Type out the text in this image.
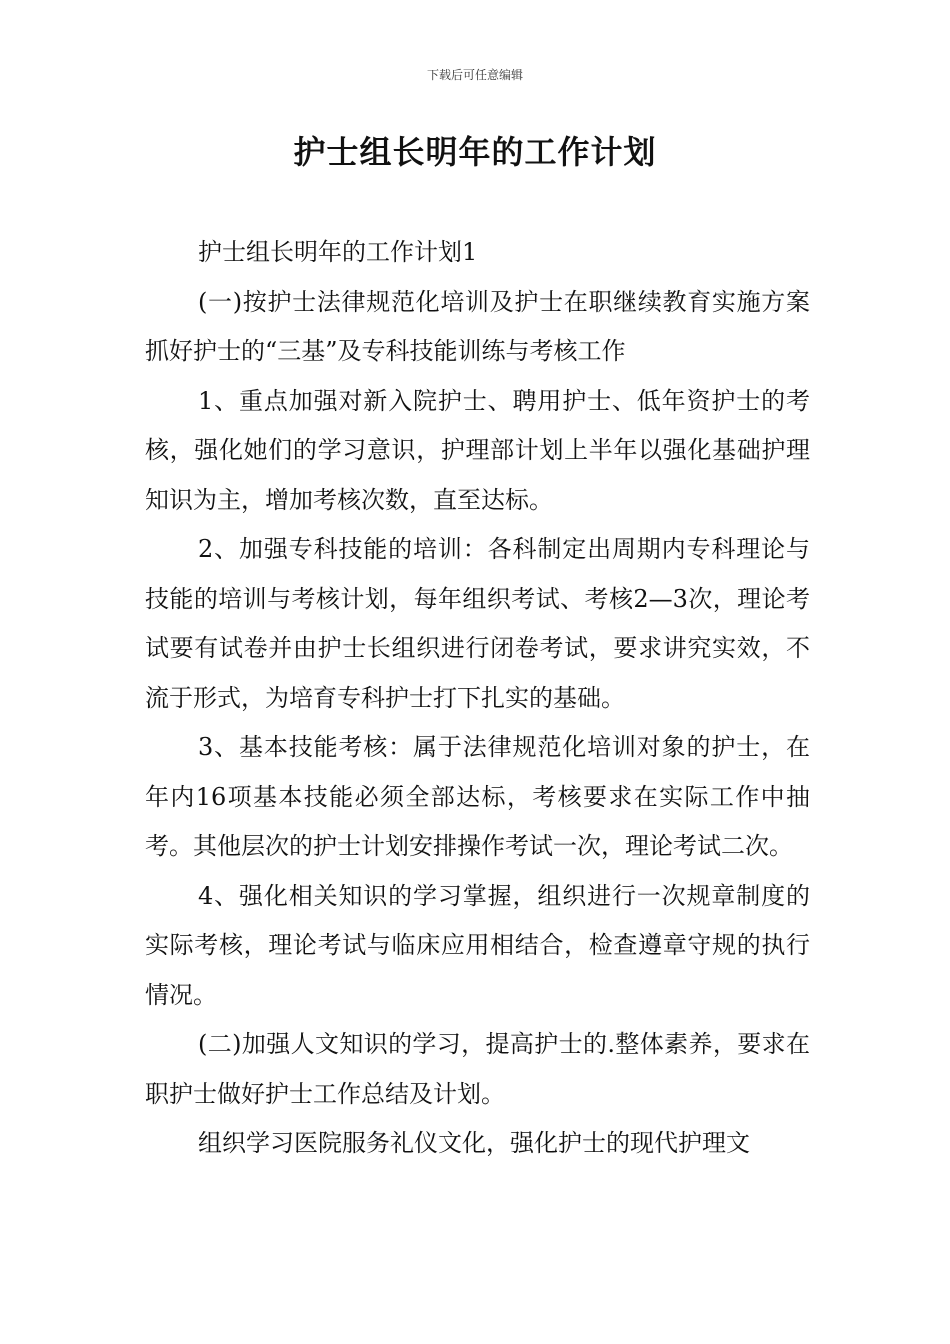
下载后可任意编辑
护士组长明年的工作计划

护士组长明年的工作计划1

(一)按护士法律规范化培训及护士在职继续教育实施方案抓好护士的“三基”及专科技能训练与考核工作

1、重点加强对新入院护士、聘用护士、低年资护士的考核，强化她们的学习意识，护理部计划上半年以强化基础护理知识为主，增加考核次数，直至达标。

2、加强专科技能的培训：各科制定出周期内专科理论与技能的培训与考核计划，每年组织考试、考核2—3次，理论考试要有试卷并由护士长组织进行闭卷考试，要求讲究实效，不流于形式，为培育专科护士打下扎实的基础。

3、基本技能考核：属于法律规范化培训对象的护士，在年内16项基本技能必须全部达标，考核要求在实际工作中抽考。其他层次的护士计划安排操作考试一次，理论考试二次。

4、强化相关知识的学习掌握，组织进行一次规章制度的实际考核，理论考试与临床应用相结合，检查遵章守规的执行情况。

(二)加强人文知识的学习，提高护士的.整体素养，要求在职护士做好护士工作总结及计划。

组织学习医院服务礼仪文化，强化护士的现代护理文
